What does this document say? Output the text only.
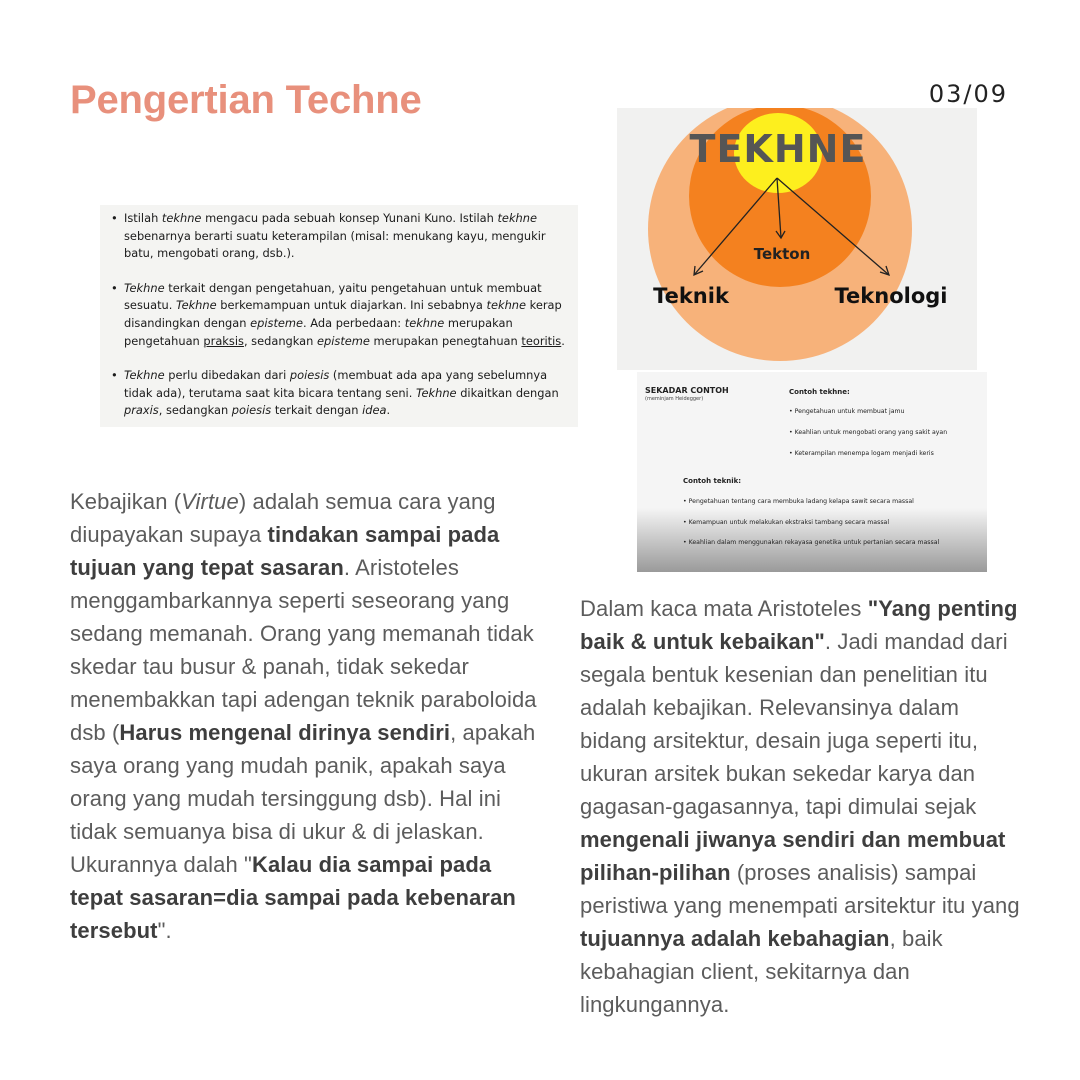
Pengertian Techne	03/09
• Istilah tekhne mengacu pada sebuah konsep Yunani Kuno. Istilah tekhne sebenarnya berarti suatu keterampilan (misal: menukang kayu, mengukir batu, mengobati orang, dsb.).
• Tekhne terkait dengan pengetahuan, yaitu pengetahuan untuk membuat sesuatu. Tekhne berkemampuan untuk diajarkan. Ini sebabnya tekhne kerap disandingkan dengan episteme. Ada perbedaan: tekhne merupakan pengetahuan praksis, sedangkan episteme merupakan penegtahuan teoritis.
• Tekhne perlu dibedakan dari poiesis (membuat ada apa yang sebelumnya tidak ada), terutama saat kita bicara tentang seni. Tekhne dikaitkan dengan praxis, sedangkan poiesis terkait dengan idea.
TEKHNE
Tekton
Teknik	Teknologi
SEKADAR CONTOH
(meminjam Heidegger)
Contoh tekhne:
• Pengetahuan untuk membuat jamu
• Keahlian untuk mengobati orang yang sakit ayan
• Keterampilan menempa logam menjadi keris
Contoh teknik:
• Pengetahuan tentang cara membuka ladang kelapa sawit secara massal
• Kemampuan untuk melakukan ekstraksi tambang secara massal
• Keahlian dalam menggunakan rekayasa genetika untuk pertanian secara massal

Kebajikan (Virtue) adalah semua cara yang diupayakan supaya tindakan sampai pada tujuan yang tepat sasaran. Aristoteles menggambarkannya seperti seseorang yang sedang memanah. Orang yang memanah tidak skedar tau busur & panah, tidak sekedar menembakkan tapi adengan teknik paraboloida dsb (Harus mengenal dirinya sendiri, apakah saya orang yang mudah panik, apakah saya orang yang mudah tersinggung dsb). Hal ini tidak semuanya bisa di ukur & di jelaskan. Ukurannya dalah "Kalau dia sampai pada tepat sasaran=dia sampai pada kebenaran tersebut".

Dalam kaca mata Aristoteles "Yang penting baik & untuk kebaikan". Jadi mandad dari segala bentuk kesenian dan penelitian itu adalah kebajikan. Relevansinya dalam bidang arsitektur, desain juga seperti itu, ukuran arsitek bukan sekedar karya dan gagasan-gagasannya, tapi dimulai sejak mengenali jiwanya sendiri dan membuat pilihan-pilihan (proses analisis) sampai peristiwa yang menempati arsitektur itu yang tujuannya adalah kebahagian, baik kebahagian client, sekitarnya dan lingkungannya.
